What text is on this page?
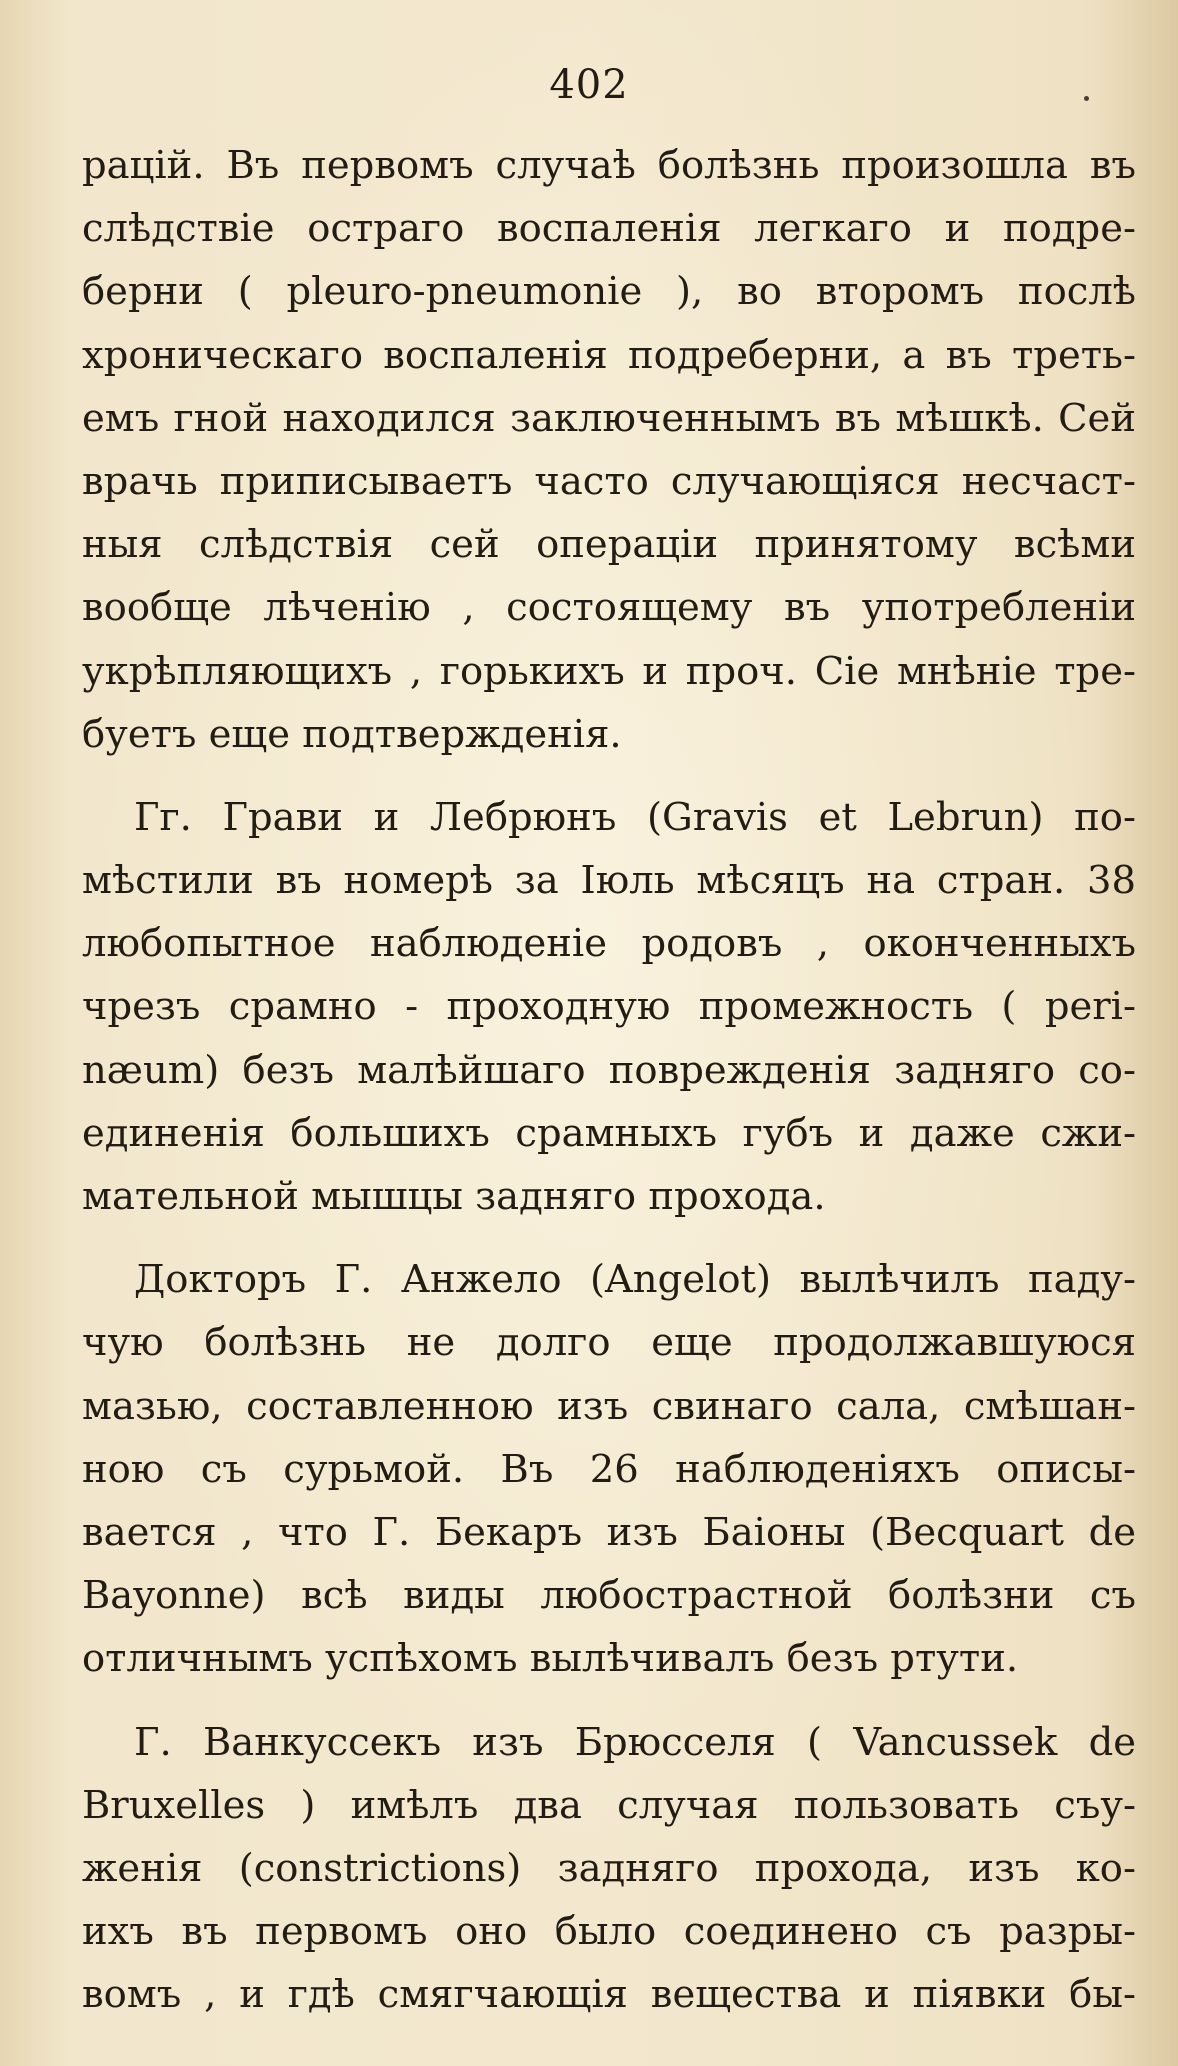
402
рацій. Въ первомъ случаѣ болѣзнь произошла въ
слѣдствіе остраго воспаленія легкаго и подре-
берни ( pleuro-pneumonie ), во второмъ послѣ
хроническаго воспаленія подреберни, а въ треть-
емъ гной находился заключеннымъ въ мѣшкѣ. Сей
врачь приписываетъ часто случающіяся несчаст-
ныя слѣдствія сей операціи принятому всѣми
вообще лѣченію , состоящему въ употребленіи
укрѣпляющихъ , горькихъ и проч. Сіе мнѣніе тре-
буетъ еще подтвержденія.
Гг. Грави и Лебрюнъ (Gravis et Lebrun) по-
мѣстили въ номерѣ за Іюль мѣсяцъ на стран. 38
любопытное наблюденіе родовъ , оконченныхъ
чрезъ срамно - проходную промежность ( peri-
næum) безъ малѣйшаго поврежденія задняго со-
единенія большихъ срамныхъ губъ и даже сжи-
мательной мышцы задняго прохода.
Докторъ Г. Анжело (Angelot) вылѣчилъ паду-
чую болѣзнь не долго еще продолжавшуюся
мазью, составленною изъ свинаго сала, смѣшан-
ною съ сурьмой. Въ 26 наблюденіяхъ описы-
вается , что Г. Бекаръ изъ Баіоны (Becquart de
Bayonne) всѣ виды любострастной болѣзни съ
отличнымъ успѣхомъ вылѣчивалъ безъ ртути.
Г. Ванкуссекъ изъ Брюсселя ( Vancussek de
Bruxelles ) имѣлъ два случая пользовать съу-
женія (constrictions) задняго прохода, изъ ко-
ихъ въ первомъ оно было соединено съ разры-
вомъ , и гдѣ смягчающія вещества и піявки бы-
